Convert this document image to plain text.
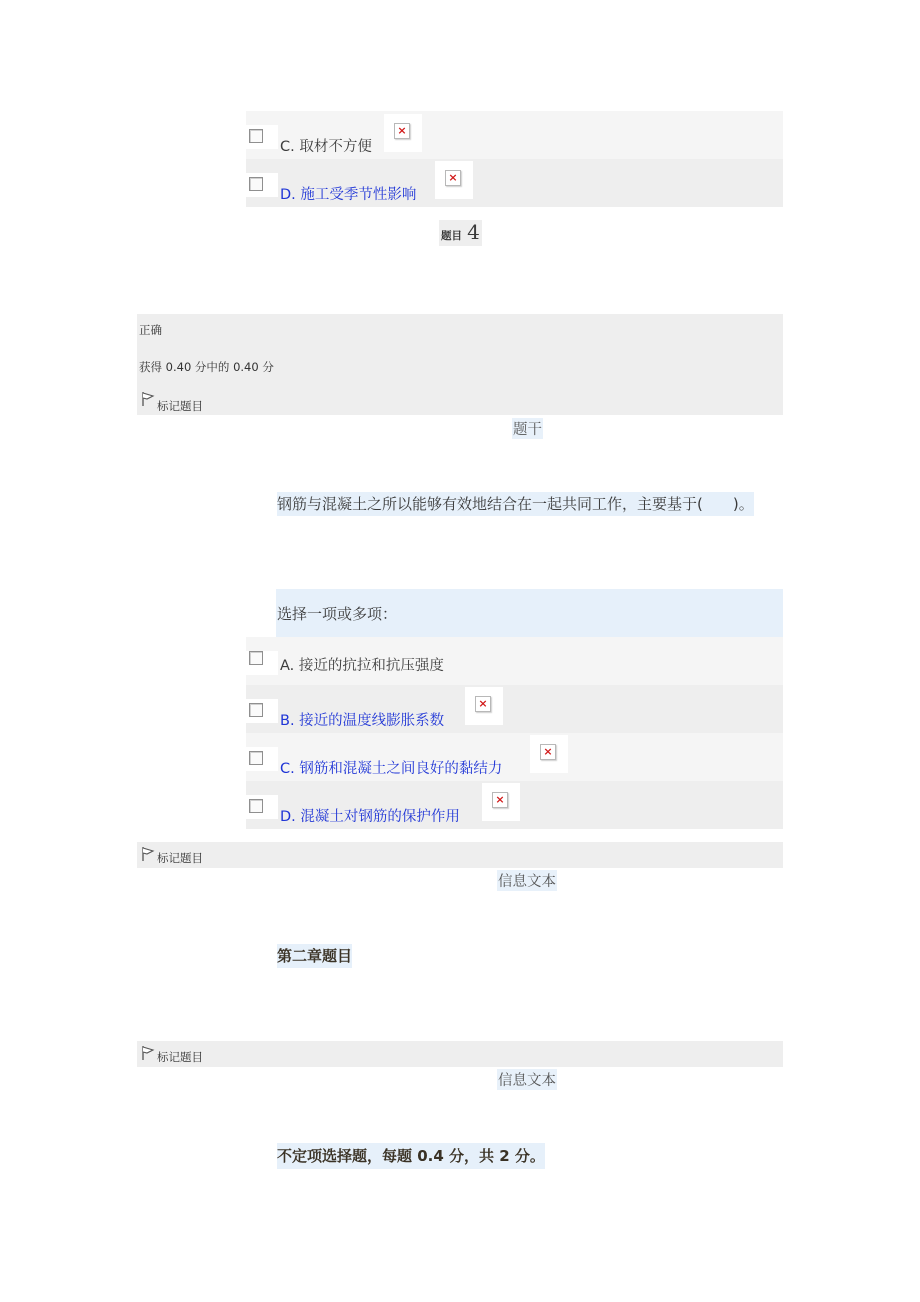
C. 取材不方便
×
D. 施工受季节性影响
×
题目 4
正确
获得 0.40 分中的 0.40 分
标记题目
题干
钢筋与混凝土之所以能够有效地结合在一起共同工作，主要基于(　　)。
选择一项或多项：
A. 接近的抗拉和抗压强度
B. 接近的温度线膨胀系数
×
C. 钢筋和混凝土之间良好的黏结力
×
D. 混凝土对钢筋的保护作用
×
标记题目
信息文本
第二章题目
标记题目
信息文本
不定项选择题，每题 0.4 分，共 2 分。
